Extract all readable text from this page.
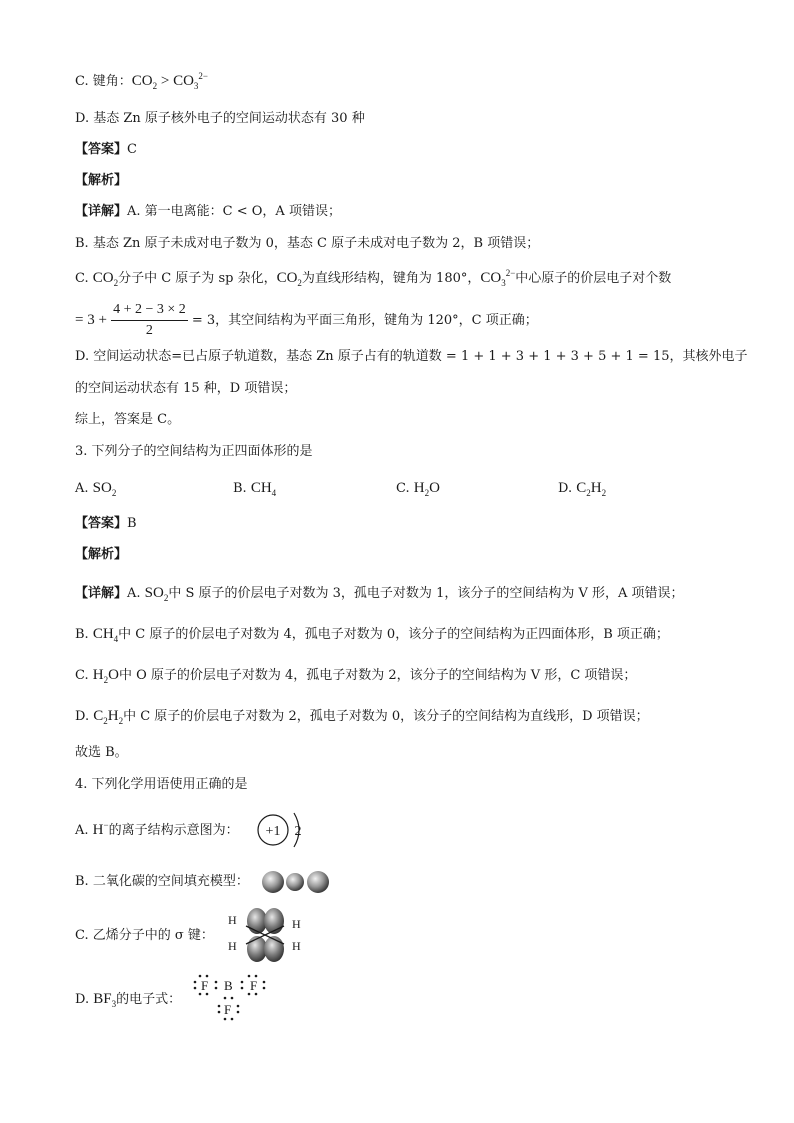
C. 键角：$CO_2 > CO_3^{2-}$
D. 基态 Zn 原子核外电子的空间运动状态有 30 种
【答案】C
【解析】
【详解】A. 第一电离能：C < O，A 项错误；
B. 基态 Zn 原子未成对电子数为 0，基态 C 原子未成对电子数为 2，B 项错误；
C. $CO_2$分子中 C 原子为 sp 杂化，$CO_2$为直线形结构，键角为 180°，$CO_3^{2-}$中心原子的价层电子对个数
= $3 + \frac{4 + 2 - 3 \times 2}{2} = 3$，其空间结构为平面三角形，键角为 120°，C 项正确；
D. 空间运动状态=已占原子轨道数，基态 Zn 原子占有的轨道数 = 1 + 1 + 3 + 1 + 3 + 5 + 1 = 15，其核外电子
的空间运动状态有 15 种，D 项错误；
综上，答案是 C。
3. 下列分子的空间结构为正四面体形的是
A. $SO_2$	B. $CH_4$	C. $H_2O$	D. $C_2H_2$
【答案】B
【解析】
【详解】A. $SO_2$中 S 原子的价层电子对数为 3，孤电子对数为 1，该分子的空间结构为 V 形，A 项错误；
B. $CH_4$中 C 原子的价层电子对数为 4，孤电子对数为 0，该分子的空间结构为正四面体形，B 项正确；
C. $H_2O$中 O 原子的价层电子对数为 4，孤电子对数为 2，该分子的空间结构为 V 形，C 项错误；
D. $C_2H_2$中 C 原子的价层电子对数为 2，孤电子对数为 0，该分子的空间结构为直线形，D 项错误；
故选 B。
4. 下列化学用语使用正确的是
A. H−的离子结构示意图为： +1 2
B. 二氧化碳的空间填充模型：
C. 乙烯分子中的 σ 键：
H
H
H
H
D. $BF_3$的电子式：
F B F
F
